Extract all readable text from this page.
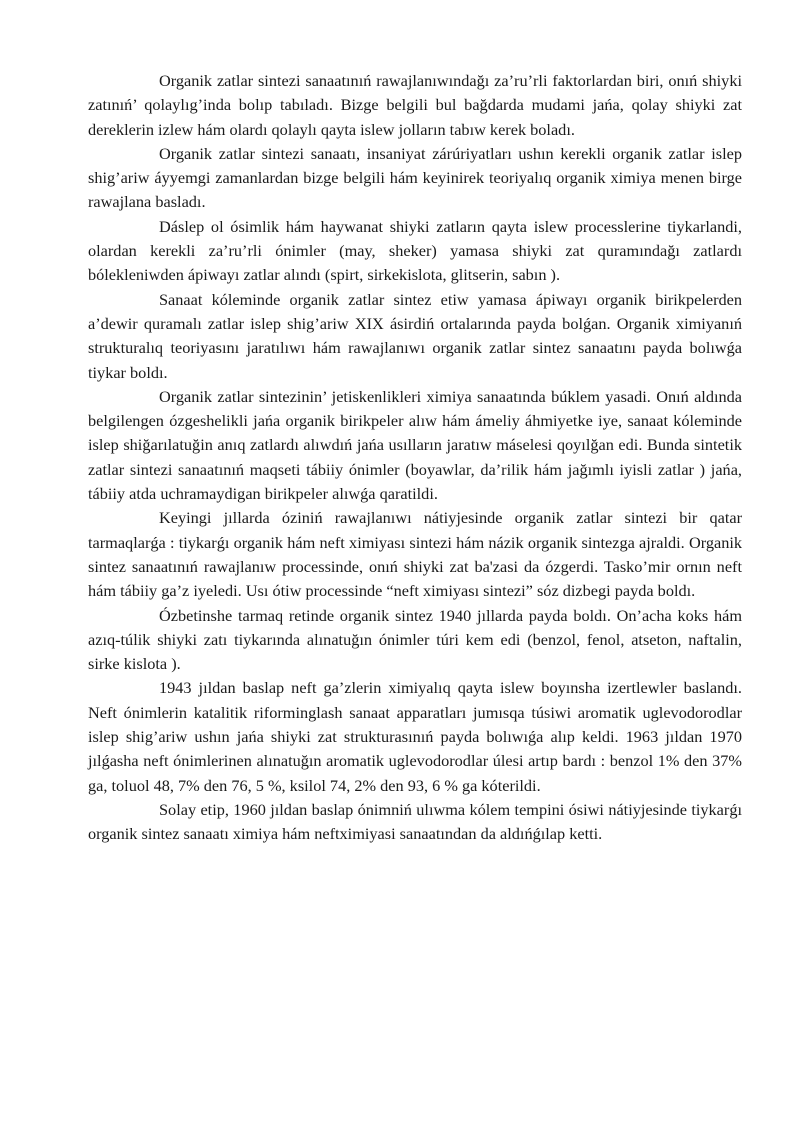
Organik zatlar sintezi sanaatınıń rawajlanıwındağı za’ru’rli faktorlardan biri, onıń shiyki zatınıń’ qolaylıg’inda bolıp tabıladı. Bizge belgili bul bağdarda mudami jańa, qolay shiyki zat dereklerin izlew hám olardı qolaylı qayta islew jolların tabıw kerek boladı.

Organik zatlar sintezi sanaatı, insaniyat zárúriyatları ushın kerekli organik zatlar islep shig’ariw áyyemgi zamanlardan bizge belgili hám keyinirek teoriyalıq organik ximiya menen birge rawajlana basladı.

Dáslep ol ósimlik hám haywanat shiyki zatların qayta islew processlerine tiykarlandi, olardan kerekli za’ru’rli ónimler (may, sheker) yamasa shiyki zat quramındağı zatlardı bólekleniwden ápiwayı zatlar alındı (spirt, sirkekislota, glitserin, sabın ).

Sanaat kóleminde organik zatlar sintez etiw yamasa ápiwayı organik birikpelerden a’dewir quramalı zatlar islep shig’ariw XIX ásirdiń ortalarında payda bolǵan. Organik ximiyanıń strukturalıq teoriyasını jaratılıwı hám rawajlanıwı organik zatlar sintez sanaatını payda bolıwǵa tiykar boldı.

Organik zatlar sintezinin’ jetiskenlikleri ximiya sanaatında búklem yasadi. Onıń aldında belgilengen ózgeshelikli jańa organik birikpeler alıw hám ámeliy áhmiyetke iye, sanaat kóleminde islep shiğarılatuğin anıq zatlardı alıwdıń jańa usılların jaratıw máselesi qoyılğan edi. Bunda sintetik zatlar sintezi sanaatınıń maqseti tábiiy ónimler (boyawlar, da’rilik hám jağımlı iyisli zatlar ) jańa, tábiiy atda uchramaydigan birikpeler alıwǵa qaratildi.

Keyingi jıllarda óziniń rawajlanıwı nátiyjesinde organik zatlar sintezi bir qatar tarmaqlarǵa : tiykarǵı organik hám neft ximiyası sintezi hám názik organik sintezga ajraldi. Organik sintez sanaatınıń rawajlanıw processinde, onıń shiyki zat ba'zasi da ózgerdi. Tasko’mir ornın neft hám tábiiy ga’z iyeledi. Usı ótiw processinde “neft ximiyası sintezi” sóz dizbegi payda boldı.

Ózbetinshe tarmaq retinde organik sintez 1940 jıllarda payda boldı. On’acha koks hám azıq-túlik shiyki zatı tiykarında alınatuğın ónimler túri kem edi (benzol, fenol, atseton, naftalin, sirke kislota ).

1943 jıldan baslap neft ga’zlerin ximiyalıq qayta islew boyınsha izertlewler baslandı. Neft ónimlerin katalitik riforminglash sanaat apparatları jumısqa túsiwi aromatik uglevodorodlar islep shig’ariw ushın jańa shiyki zat strukturasınıń payda bolıwıǵa alıp keldi. 1963 jıldan 1970 jılǵasha neft ónimlerinen alınatuğın aromatik uglevodorodlar úlesi artıp bardı : benzol 1% den 37% ga, toluol 48, 7% den 76, 5 %, ksilol 74, 2% den 93, 6 % ga kóterildi.

Solay etip, 1960 jıldan baslap ónimniń ulıwma kólem tempini ósiwi nátiyjesinde tiykarǵı organik sintez sanaatı ximiya hám neftximiyasi sanaatından da aldıńǵılap ketti.
